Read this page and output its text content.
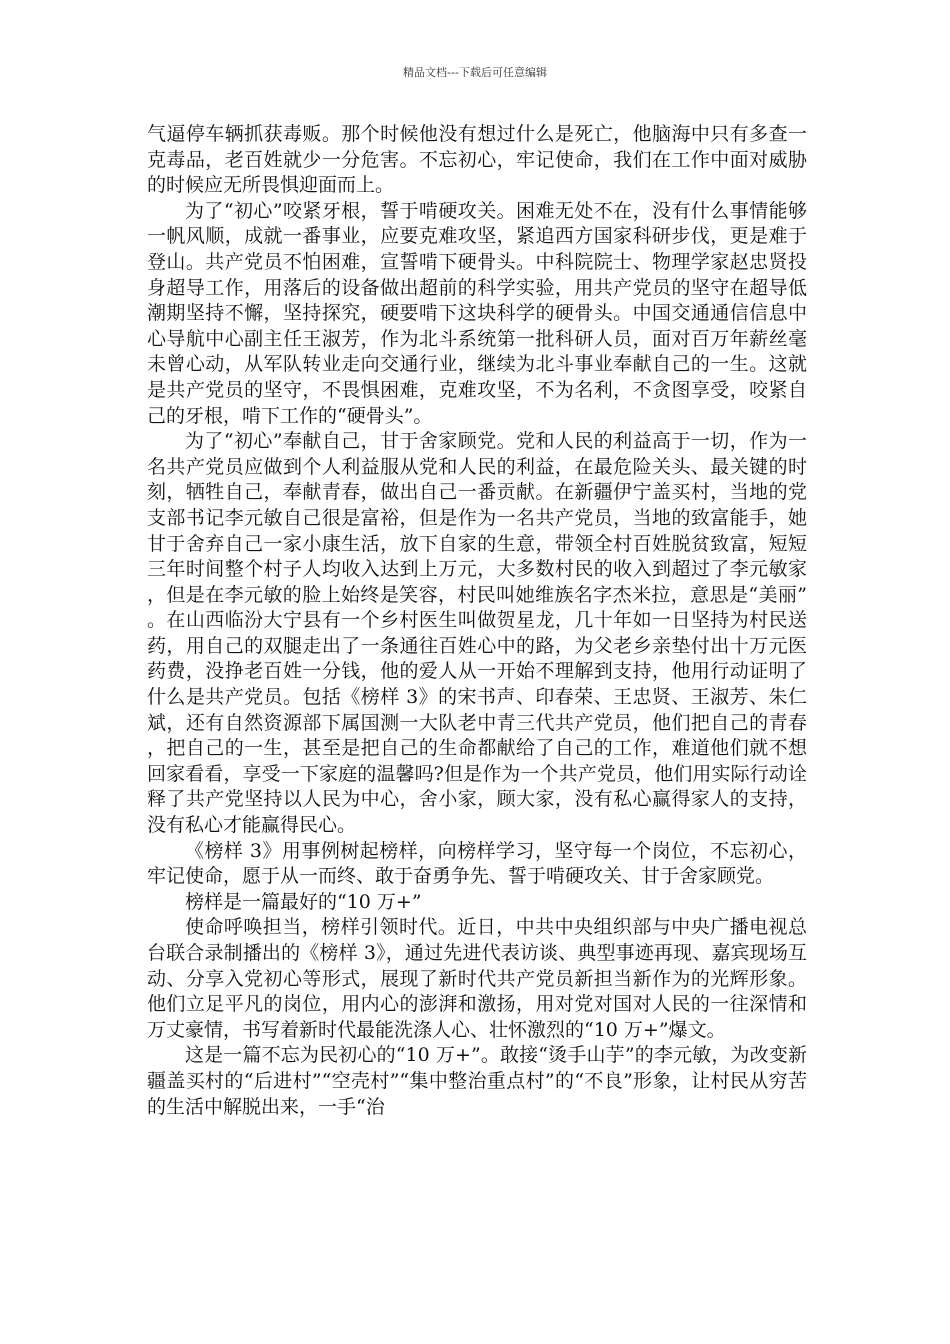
精品文档---下载后可任意编辑

气逼停车辆抓获毒贩。那个时候他没有想过什么是死亡，他脑海中只有多查一克毒品，老百姓就少一分危害。不忘初心，牢记使命，我们在工作中面对威胁的时候应无所畏惧迎面而上。

为了“初心”咬紧牙根，誓于啃硬攻关。困难无处不在，没有什么事情能够一帆风顺，成就一番事业，应要克难攻坚，紧追西方国家科研步伐，更是难于登山。共产党员不怕困难，宣誓啃下硬骨头。中科院院士、物理学家赵忠贤投身超导工作，用落后的设备做出超前的科学实验，用共产党员的坚守在超导低潮期坚持不懈，坚持探究，硬要啃下这块科学的硬骨头。中国交通通信信息中心导航中心副主任王淑芳，作为北斗系统第一批科研人员，面对百万年薪丝毫未曾心动，从军队转业走向交通行业，继续为北斗事业奉献自己的一生。这就是共产党员的坚守，不畏惧困难，克难攻坚，不为名利，不贪图享受，咬紧自己的牙根，啃下工作的“硬骨头”。

为了“初心”奉献自己，甘于舍家顾党。党和人民的利益高于一切，作为一名共产党员应做到个人利益服从党和人民的利益，在最危险关头、最关键的时刻，牺牲自己，奉献青春，做出自己一番贡献。在新疆伊宁盖买村，当地的党支部书记李元敏自己很是富裕，但是作为一名共产党员，当地的致富能手，她甘于舍弃自己一家小康生活，放下自家的生意，带领全村百姓脱贫致富，短短三年时间整个村子人均收入达到上万元，大多数村民的收入到超过了李元敏家，但是在李元敏的脸上始终是笑容，村民叫她维族名字杰米拉，意思是“美丽”。在山西临汾大宁县有一个乡村医生叫做贺星龙，几十年如一日坚持为村民送药，用自己的双腿走出了一条通往百姓心中的路，为父老乡亲垫付出十万元医药费，没挣老百姓一分钱，他的爱人从一开始不理解到支持，他用行动证明了什么是共产党员。包括《榜样 3》的宋书声、印春荣、王忠贤、王淑芳、朱仁斌，还有自然资源部下属国测一大队老中青三代共产党员，他们把自己的青春，把自己的一生，甚至是把自己的生命都献给了自己的工作，难道他们就不想回家看看，享受一下家庭的温馨吗?但是作为一个共产党员，他们用实际行动诠释了共产党坚持以人民为中心，舍小家，顾大家，没有私心赢得家人的支持，没有私心才能赢得民心。

《榜样 3》用事例树起榜样，向榜样学习，坚守每一个岗位，不忘初心，牢记使命，愿于从一而终、敢于奋勇争先、誓于啃硬攻关、甘于舍家顾党。

榜样是一篇最好的“10 万+”

使命呼唤担当，榜样引领时代。近日，中共中央组织部与中央广播电视总台联合录制播出的《榜样 3》，通过先进代表访谈、典型事迹再现、嘉宾现场互动、分享入党初心等形式，展现了新时代共产党员新担当新作为的光辉形象。他们立足平凡的岗位，用内心的澎湃和激扬，用对党对国对人民的一往深情和万丈豪情，书写着新时代最能洗涤人心、壮怀激烈的“10 万+”爆文。

这是一篇不忘为民初心的“10 万+”。敢接“烫手山芋”的李元敏，为改变新疆盖买村的“后进村”“空壳村”“集中整治重点村”的“不良”形象，让村民从穷苦的生活中解脱出来，一手“治
